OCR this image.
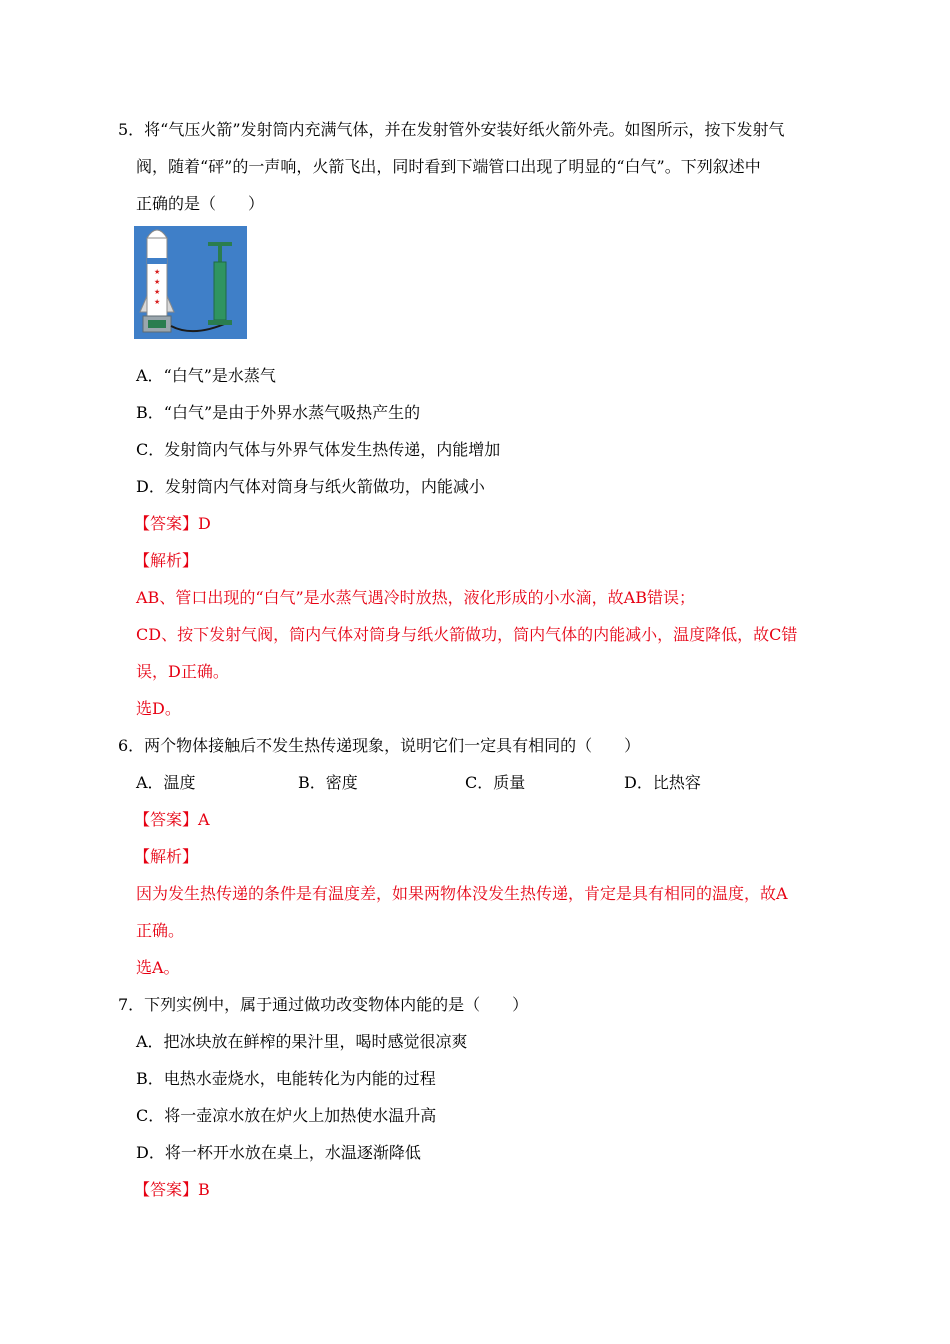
5．将“气压火箭”发射筒内充满气体，并在发射管外安装好纸火箭外壳。如图所示，按下发射气
阀，随着“砰”的一声响，火箭飞出，同时看到下端管口出现了明显的“白气”。下列叙述中
正确的是（　　）
★
★
★
★
A．“白气”是水蒸气
B．“白气”是由于外界水蒸气吸热产生的
C．发射筒内气体与外界气体发生热传递，内能增加
D．发射筒内气体对筒身与纸火箭做功，内能减小
【答案】D
【解析】
AB、管口出现的“白气”是水蒸气遇冷时放热，液化形成的小水滴，故AB错误；
CD、按下发射气阀，筒内气体对筒身与纸火箭做功，筒内气体的内能减小，温度降低，故C错
误，D正确。
选D。
6．两个物体接触后不发生热传递现象，说明它们一定具有相同的（　　）
A．温度	B．密度	C．质量	D．比热容
【答案】A
【解析】
因为发生热传递的条件是有温度差，如果两物体没发生热传递，肯定是具有相同的温度，故A
正确。
选A。
7．下列实例中，属于通过做功改变物体内能的是（　　）
A．把冰块放在鲜榨的果汁里，喝时感觉很凉爽
B．电热水壶烧水，电能转化为内能的过程
C．将一壶凉水放在炉火上加热使水温升高
D．将一杯开水放在桌上，水温逐渐降低
【答案】B
